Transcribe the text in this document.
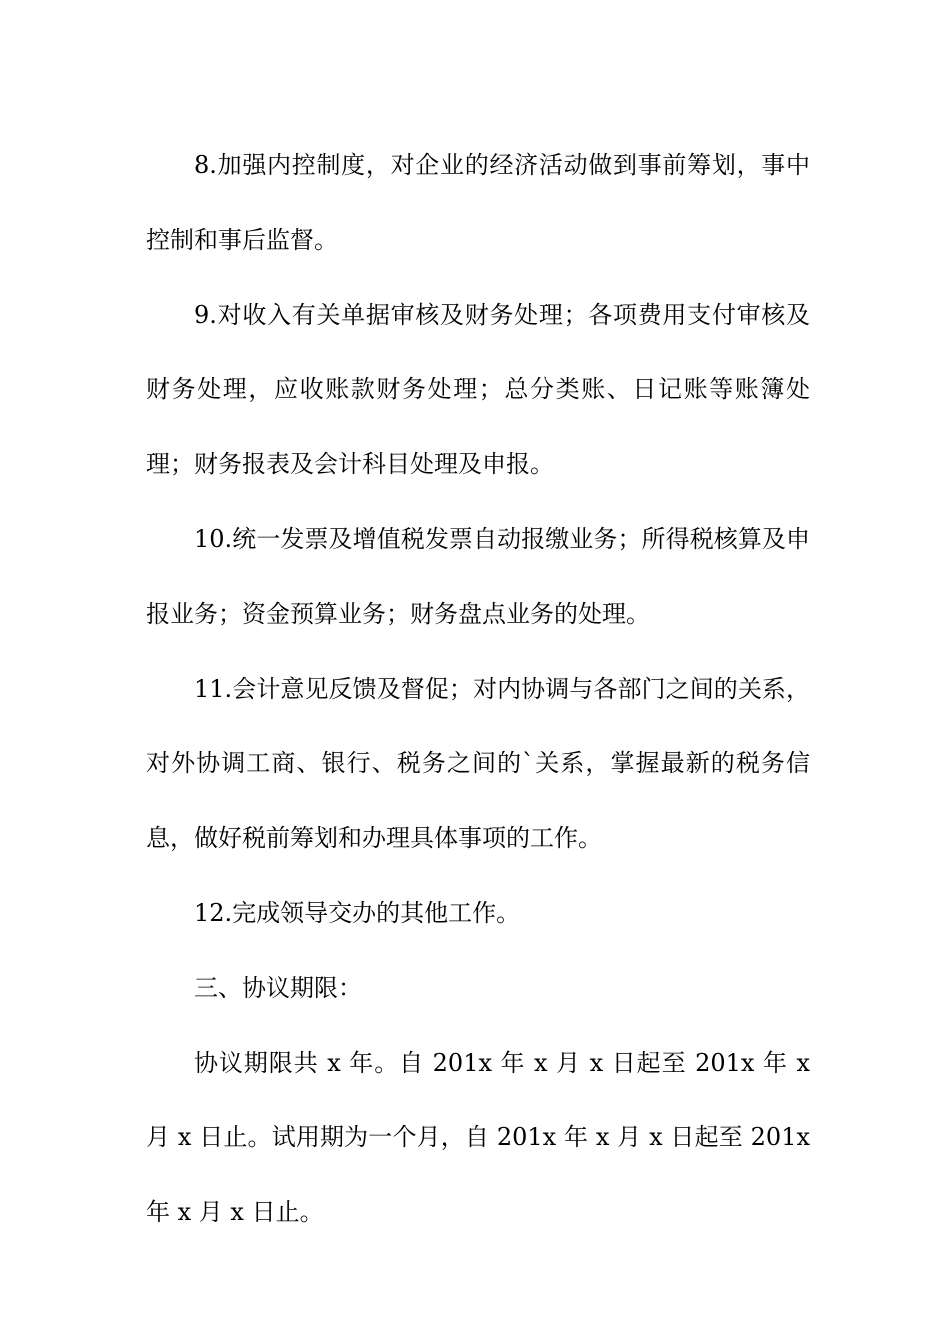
8.加强内控制度，对企业的经济活动做到事前筹划，事中控制和事后监督。

9.对收入有关单据审核及财务处理；各项费用支付审核及财务处理，应收账款财务处理；总分类账、日记账等账簿处理；财务报表及会计科目处理及申报。

10.统一发票及增值税发票自动报缴业务；所得税核算及申报业务；资金预算业务；财务盘点业务的处理。

11.会计意见反馈及督促；对内协调与各部门之间的关系，对外协调工商、银行、税务之间的`关系，掌握最新的税务信息，做好税前筹划和办理具体事项的工作。

12.完成领导交办的其他工作。

三、协议期限：

协议期限共 x 年。自 201x 年 x 月 x 日起至 201x 年 x 月 x 日止。试用期为一个月，自 201x 年 x 月 x 日起至 201x 年 x 月 x 日止。
